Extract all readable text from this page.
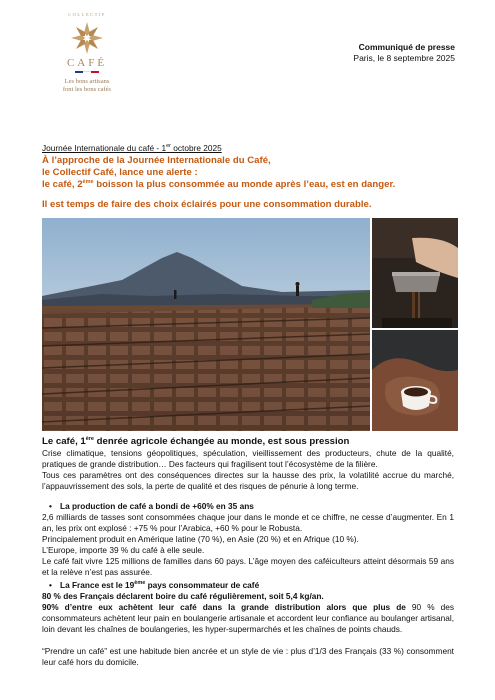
COLLECTIF
CAFÉ
Les bons artisans
font les bons cafés
Communiqué de presse
Paris, le 8 septembre 2025
Journée Internationale du café - 1er octobre 2025
À l’approche de la Journée Internationale du Café,
le Collectif Café, lance une alerte :
le café, 2ème boisson la plus consommée au monde après l’eau, est en danger.
Il est temps de faire des choix éclairés pour une consommation durable.
Le café, 1ère denrée agricole échangée au monde, est sous pression
Crise climatique, tensions géopolitiques, spéculation, vieillissement des producteurs, chute de la qualité, pratiques de grande distribution… Des facteurs qui fragilisent tout l’écosystème de la filière.
Tous ces paramètres ont des conséquences directes sur la hausse des prix, la volatilité accrue du marché, l’appauvrissement des sols, la perte de qualité et des risques de pénurie à long terme.
• La production de café a bondi de +60% en 35 ans
2,6 milliards de tasses sont consommées chaque jour dans le monde et ce chiffre, ne cesse d’augmenter. En 1 an, les prix ont explosé : +75 % pour l’Arabica, +60 % pour le Robusta.
Principalement produit en Amérique latine (70 %), en Asie (20 %) et en Afrique (10 %).
L’Europe, importe 39 % du café à elle seule.
Le café fait vivre 125 millions de familles dans 60 pays. L’âge moyen des caféiculteurs atteint désormais 59 ans et la relève n’est pas assurée.
• La France est le 19ème pays consommateur de café
80 % des Français déclarent boire du café régulièrement, soit 5,4 kg/an.
90% d’entre eux achètent leur café dans la grande distribution alors que plus de 90 % des consommateurs achètent leur pain en boulangerie artisanale et accordent leur confiance au boulanger artisanal, loin devant les chaînes de boulangeries, les hyper-supermarchés et les chaînes de points chauds.
“Prendre un café” est une habitude bien ancrée et un style de vie : plus d’1/3 des Français (33 %) consomment leur café hors du domicile.
